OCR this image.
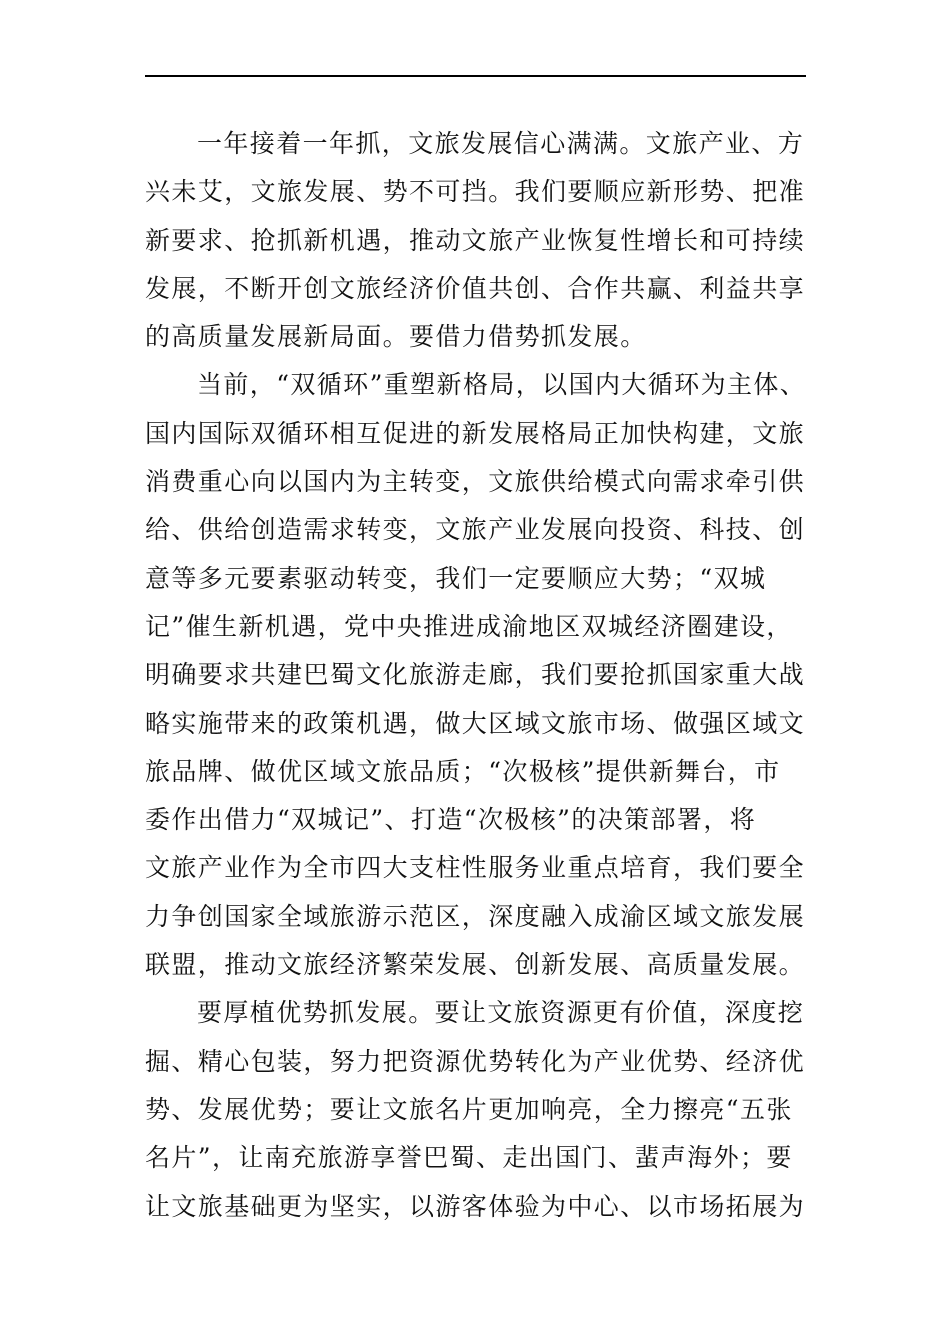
一年接着一年抓，文旅发展信心满满。文旅产业、方
兴未艾，文旅发展、势不可挡。我们要顺应新形势、把准
新要求、抢抓新机遇，推动文旅产业恢复性增长和可持续
发展，不断开创文旅经济价值共创、合作共赢、利益共享
的高质量发展新局面。要借力借势抓发展。
当前，“双循环”重塑新格局，以国内大循环为主体、
国内国际双循环相互促进的新发展格局正加快构建，文旅
消费重心向以国内为主转变，文旅供给模式向需求牵引供
给、供给创造需求转变，文旅产业发展向投资、科技、创
意等多元要素驱动转变，我们一定要顺应大势；“双城
记”催生新机遇，党中央推进成渝地区双城经济圈建设，
明确要求共建巴蜀文化旅游走廊，我们要抢抓国家重大战
略实施带来的政策机遇，做大区域文旅市场、做强区域文
旅品牌、做优区域文旅品质；“次极核”提供新舞台，市
委作出借力“双城记”、打造“次极核”的决策部署，将
文旅产业作为全市四大支柱性服务业重点培育，我们要全
力争创国家全域旅游示范区，深度融入成渝区域文旅发展
联盟，推动文旅经济繁荣发展、创新发展、高质量发展。
要厚植优势抓发展。要让文旅资源更有价值，深度挖
掘、精心包装，努力把资源优势转化为产业优势、经济优
势、发展优势；要让文旅名片更加响亮，全力擦亮“五张
名片”，让南充旅游享誉巴蜀、走出国门、蜚声海外；要
让文旅基础更为坚实，以游客体验为中心、以市场拓展为
